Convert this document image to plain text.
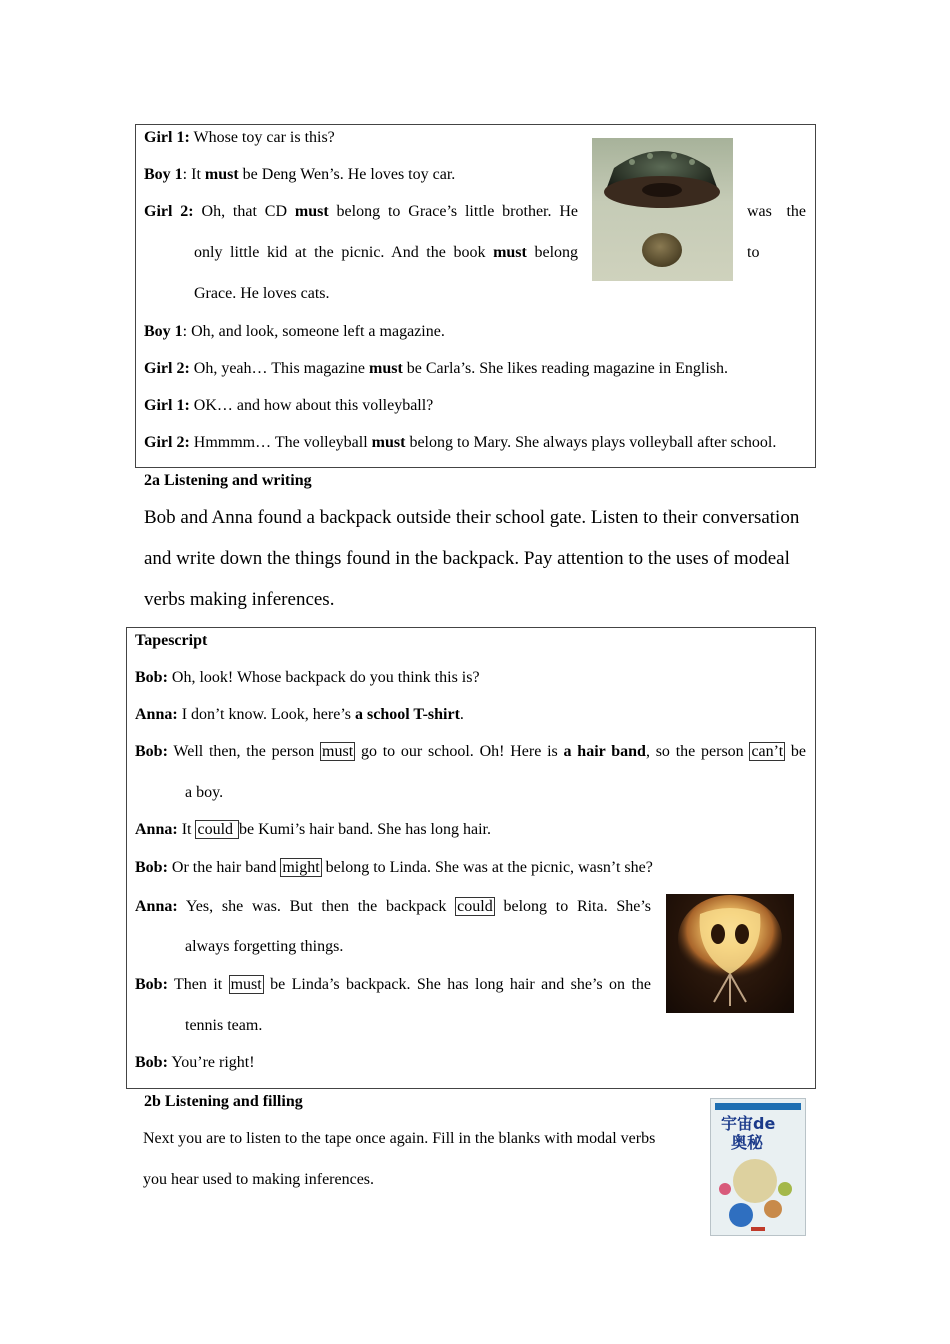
Girl 1: Whose toy car is this?
Boy 1: It must be Deng Wen’s. He loves toy car.
Girl 2: Oh, that CD must belong to Grace’s little brother. He	was the
only little kid at the picnic. And the book must belong	to
Grace. He loves cats.
Boy 1: Oh, and look, someone left a magazine.
Girl 2: Oh, yeah… This magazine must be Carla’s. She likes reading magazine in English.
Girl 1: OK… and how about this volleyball?
Girl 2: Hmmmm… The volleyball must belong to Mary. She always plays volleyball after school.
2a Listening and writing
Bob and Anna found a backpack outside their school gate. Listen to their conversation
and write down the things found in the backpack. Pay attention to the uses of modeal
verbs making inferences.
Tapescript
Bob: Oh, look! Whose backpack do you think this is?
Anna: I don’t know. Look, here’s a school T-shirt.
Bob: Well then, the person must go to our school. Oh! Here is a hair band, so the person can’t be
a boy.
Anna: It could be Kumi’s hair band. She has long hair.
Bob: Or the hair band might belong to Linda. She was at the picnic, wasn’t she?
Anna: Yes, she was. But then the backpack could belong to Rita. She’s
always forgetting things.
Bob: Then it must be Linda’s backpack. She has long hair and she’s on the
tennis team.
Bob: You’re right!
2b Listening and filling
Next you are to listen to the tape once again. Fill in the blanks with modal verbs
you hear used to making inferences.
宇宙de
奥秘
